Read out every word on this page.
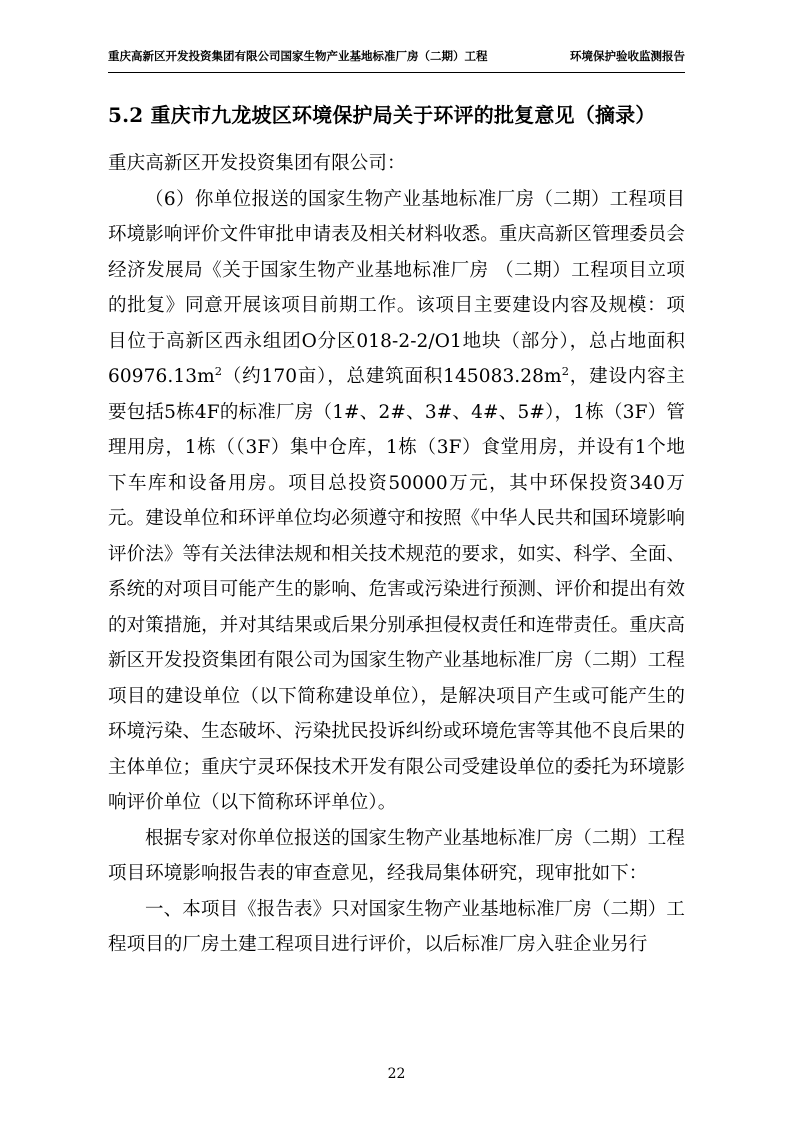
重庆高新区开发投资集团有限公司国家生物产业基地标准厂房（二期）工程	环境保护验收监测报告
5.2 重庆市九龙坡区环境保护局关于环评的批复意见（摘录）

重庆高新区开发投资集团有限公司：

（6）你单位报送的国家生物产业基地标准厂房（二期）工程项目环境影响评价文件审批申请表及相关材料收悉。重庆高新区管理委员会经济发展局《关于国家生物产业基地标准厂房 （二期）工程项目立项的批复》同意开展该项目前期工作。该项目主要建设内容及规模：项 目位于高新区西永组团O分区018-2-2/O1地块（部分），总占地面积$60976.13m^2$（约170亩），总建筑面积$145083.28m^2$，建设内容主要包括5栋4F的标准厂房（1#、2#、3#、4#、5#），1栋（3F）管理用房，1栋（（3F）集中仓库，1栋（3F）食堂用房，并设有1个地下车库和设备用房。项目总投资50000万元，其中环保投资340万元。建设单位和环评单位均必须遵守和按照《中华人民共和国环境影响评价法》等有关法律法规和相关技术规范的要求，如实、科学、全面、系统的对项目可能产生的影响、危害或污染进行预测、评价和提出有效的对策措施，并对其结果或后果分别承担侵权责任和连带责任。重庆高新区开发投资集团有限公司为国家生物产业基地标准厂房（二期）工程项目的建设单位（以下简称建设单位），是解决项目产生或可能产生的环境污染、生态破坏、污染扰民投诉纠纷或环境危害等其他不良后果的主体单位；重庆宁灵环保技术开发有限公司受建设单位的委托为环境影响评价单位（以下简称环评单位）。

根据专家对你单位报送的国家生物产业基地标准厂房（二期）工程项目环境影响报告表的审查意见，经我局集体研究，现审批如下：

一、本项目《报告表》只对国家生物产业基地标准厂房（二期）工程项目的厂房土建工程项目进行评价，以后标准厂房入驻企业另行

22
